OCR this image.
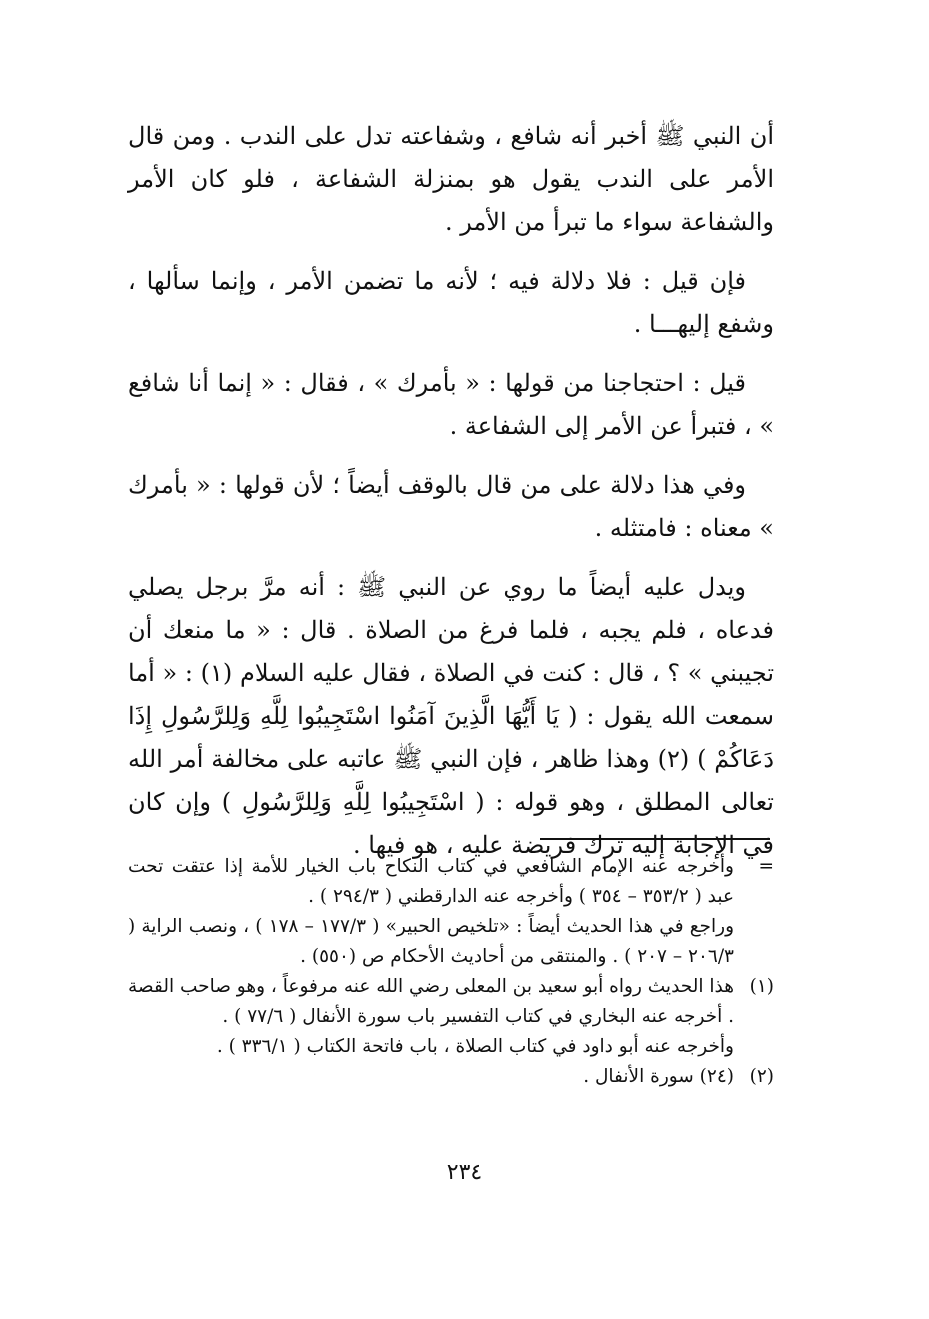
أن النبي ﷺ أخبر أنه شافع ، وشفاعته تدل على الندب . ومن قال الأمر على الندب يقول هو بمنزلة الشفاعة ، فلو كان الأمر والشفاعة سواء ما تبرأ من الأمر .

فإن قيل : فلا دلالة فيه ؛ لأنه ما تضمن الأمر ، وإنما سألها ، وشفع إليهـــا .

قيل : احتجاجنا من قولها : « بأمرك » ، فقال : « إنما أنا شافع » ، فتبرأ عن الأمر إلى الشفاعة .

وفي هذا دلالة على من قال بالوقف أيضاً ؛ لأن قولها : « بأمرك » معناه : فامتثله .

ويدل عليه أيضاً ما روي عن النبي ﷺ : أنه مرَّ برجل يصلي فدعاه ، فلم يجبه ، فلما فرغ من الصلاة . قال : « ما منعك أن تجيبني » ؟ ، قال : كنت في الصلاة ، فقال عليه السلام (١) : « أما سمعت الله يقول : ( يَا أَيُّهَا الَّذِينَ آمَنُوا اسْتَجِيبُوا لِلَّهِ وَلِلرَّسُولِ إِذَا دَعَاكُمْ ) (٢) وهذا ظاهر ، فإن النبي ﷺ عاتبه على مخالفة أمر الله تعالى المطلق ، وهو قوله : ( اسْتَجِيبُوا لِلَّهِ وَلِلرَّسُولِ ) وإن كان في الإجابة إليه ترك فريضة عليه ، هو فيها .

=
وأخرجه عنه الإمام الشافعي في كتاب النكاح باب الخيار للأمة إذا عتقت تحت عبد ( ٣٥٣/٢ – ٣٥٤ ) وأخرجه عنه الدارقطني ( ٢٩٤/٣ ) .
وراجع في هذا الحديث أيضاً : «تلخيص الحبير» ( ١٧٧/٣ – ١٧٨ ) ، ونصب الراية ( ٢٠٦/٣ – ٢٠٧ ) . والمنتقى من أحاديث الأحكام ص (٥٥٠) .
(١)
هذا الحديث رواه أبو سعيد بن المعلى رضي الله عنه مرفوعاً ، وهو صاحب القصة . أخرجه عنه البخاري في كتاب التفسير باب سورة الأنفال ( ٧٧/٦ ) .
وأخرجه عنه أبو داود في كتاب الصلاة ، باب فاتحة الكتاب ( ٣٣٦/١ ) .
(٢)
(٢٤) سورة الأنفال .
٢٣٤
